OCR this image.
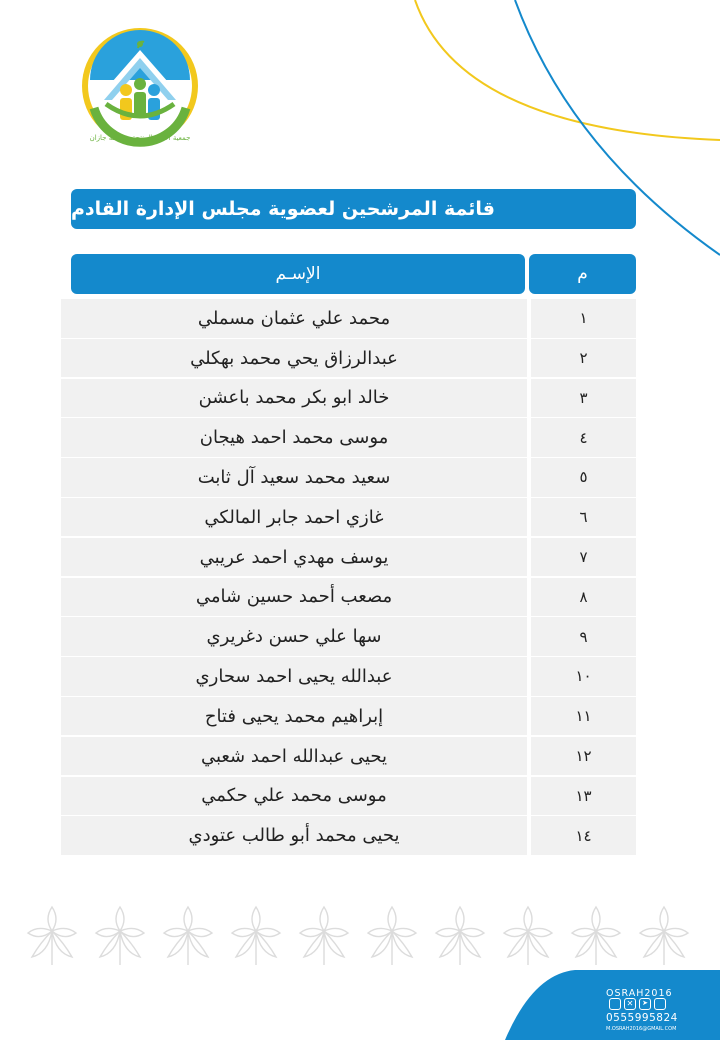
جمعية الأسر المنتجة بمنطقة جازان
قائمة المرشحين لعضوية مجلس الإدارة القادم
الإسـم	م
محمد علي عثمان مسملي	١
عبدالرزاق يحي محمد بهكلي	٢
خالد ابو بكر محمد باعشن	٣
موسى محمد احمد هيجان	٤
سعيد محمد سعيد آل ثابت	٥
غازي احمد جابر المالكي	٦
يوسف مهدي احمد عريبي	٧
مصعب أحمد حسين شامي	٨
سها علي حسن دغريري	٩
عبدالله يحيى احمد سحاري	١٠
إبراهيم محمد يحيى فتاح	١١
يحيى عبدالله احمد شعبي	١٢
موسى محمد علي حكمي	١٣
يحيى محمد أبو طالب عتودي	١٤
OSRAH2016
✕	➤
0555995824
M.OSRAH2016@GMAIL.COM
